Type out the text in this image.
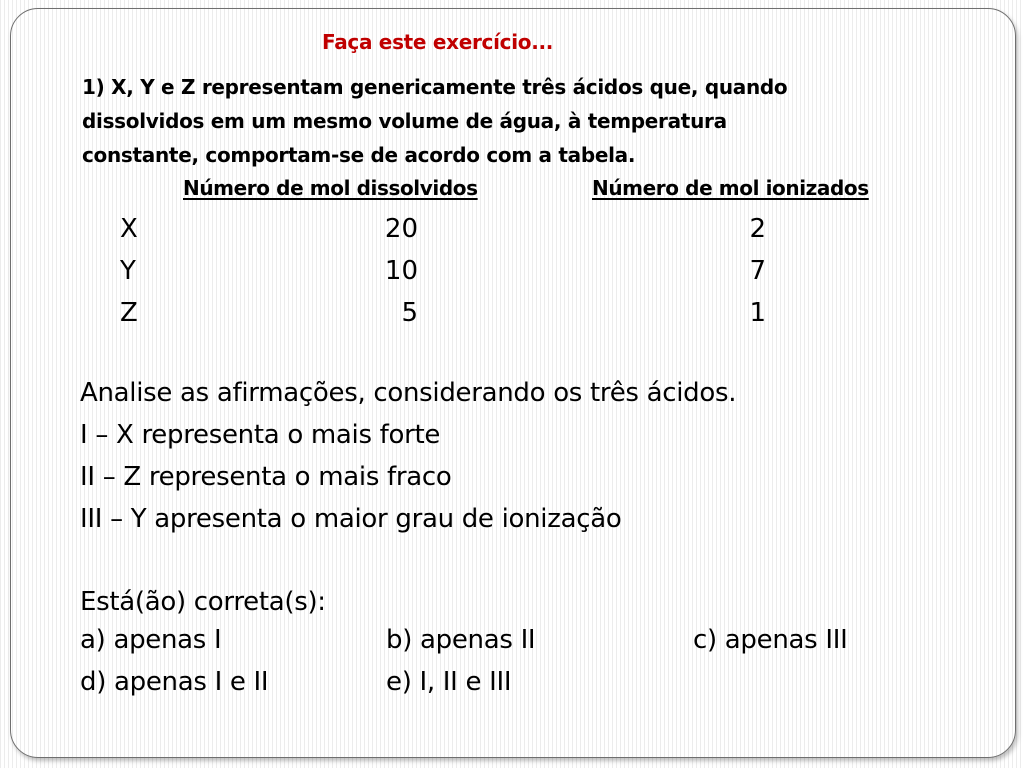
Faça este exercício...
1) X, Y e Z representam genericamente três ácidos que, quando
dissolvidos em um mesmo volume de água, à temperatura
constante, comportam-se de acordo com a tabela.
Número de mol dissolvidos	Número de mol ionizados
X	20	2
Y	10	7
Z	5	1
Analise as afirmações, considerando os três ácidos.
I – X representa o mais forte
II – Z representa o mais fraco
III – Y apresenta o maior grau de ionização
Está(ão) correta(s):
a) apenas I	b) apenas II	c) apenas III
d) apenas I e II	e) I, II e III
